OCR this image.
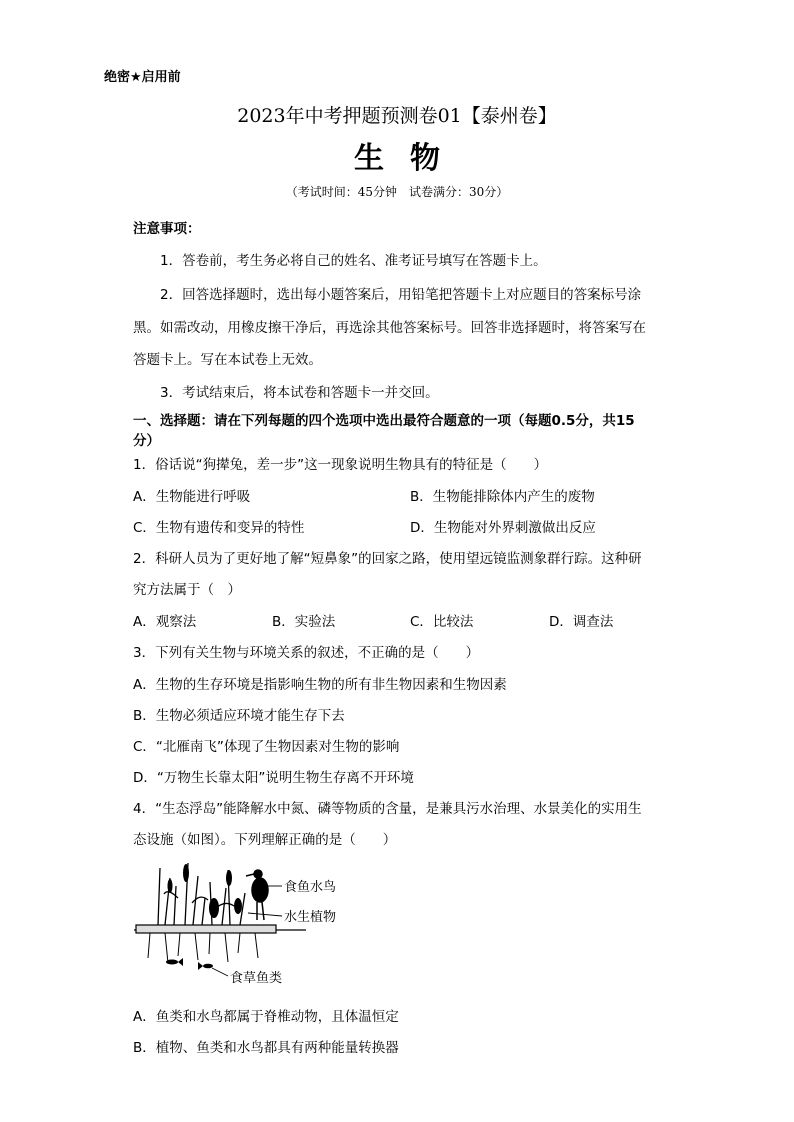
绝密★启用前
2023年中考押题预测卷01【泰州卷】
生物
（考试时间：45分钟　试卷满分：30分）
注意事项：
1．答卷前，考生务必将自己的姓名、准考证号填写在答题卡上。
2．回答选择题时，选出每小题答案后，用铅笔把答题卡上对应题目的答案标号涂
黑。如需改动，用橡皮擦干净后，再选涂其他答案标号。回答非选择题时，将答案写在
答题卡上。写在本试卷上无效。
3．考试结束后，将本试卷和答题卡一并交回。
一、选择题：请在下列每题的四个选项中选出最符合题意的一项（每题0.5分，共15
分）
1．俗话说“狗撵兔，差一步”这一现象说明生物具有的特征是（　　）
A．生物能进行呼吸	B．生物能排除体内产生的废物
C．生物有遗传和变异的特性	D．生物能对外界刺激做出反应
2．科研人员为了更好地了解“短鼻象”的回家之路，使用望远镜监测象群行踪。这种研
究方法属于（　）
A．观察法	B．实验法	C．比较法	D．调查法
3．下列有关生物与环境关系的叙述，不正确的是（　　）
A．生物的生存环境是指影响生物的所有非生物因素和生物因素
B．生物必须适应环境才能生存下去
C．“北雁南飞”体现了生物因素对生物的影响
D．“万物生长靠太阳”说明生物生存离不开环境
4．“生态浮岛”能降解水中氮、磷等物质的含量，是兼具污水治理、水景美化的实用生
态设施（如图）。下列理解正确的是（　　）
食鱼水鸟
水生植物
食草鱼类
A．鱼类和水鸟都属于脊椎动物，且体温恒定
B．植物、鱼类和水鸟都具有两种能量转换器
